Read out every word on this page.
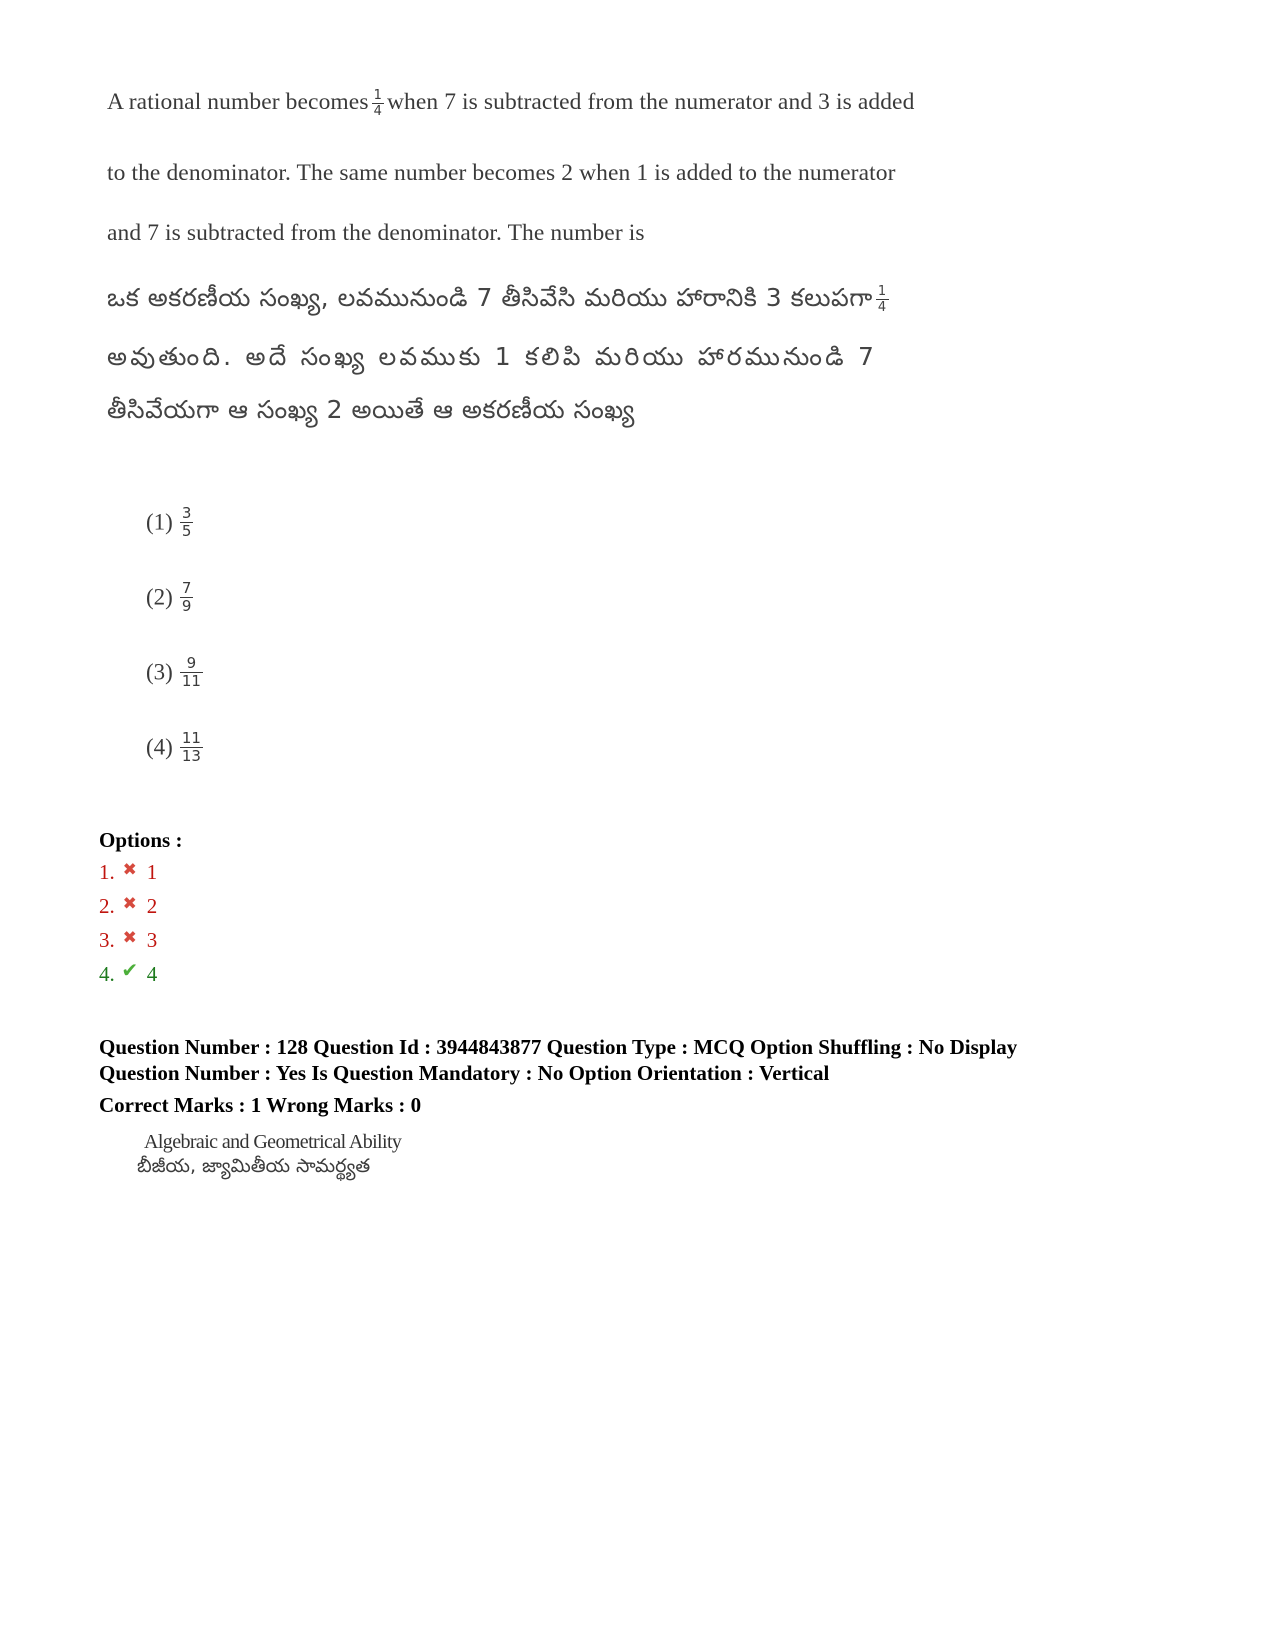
A rational number becomes $\frac{1}{4}$ when 7 is subtracted from the numerator and 3 is added
to the denominator. The same number becomes 2 when 1 is added to the numerator
and 7 is subtracted from the denominator. The number is
ఒక అకరణీయ సంఖ్య, లవమునుండి 7 తీసివేసి మరియు హారానికి 3 కలుపగా $\frac{1}{4}$
అవుతుంది. అదే సంఖ్య లవముకు 1 కలిపి మరియు హారమునుండి 7
తీసివేయగా ఆ సంఖ్య 2 అయితే ఆ అకరణీయ సంఖ్య
$(1) \frac{3}{5}$
$(2) \frac{7}{9}$
$(3) \frac{9}{11}$
$(4) \frac{11}{13}$
Options :
1. ✖ 1
2. ✖ 2
3. ✖ 3
4. ✔ 4
Question Number : 128 Question Id : 3944843877 Question Type : MCQ Option Shuffling : No Display
Question Number : Yes Is Question Mandatory : No Option Orientation : Vertical
Correct Marks : 1 Wrong Marks : 0
Algebraic and Geometrical Ability
బీజీయ, జ్యామితీయ సామర్థ్యత
